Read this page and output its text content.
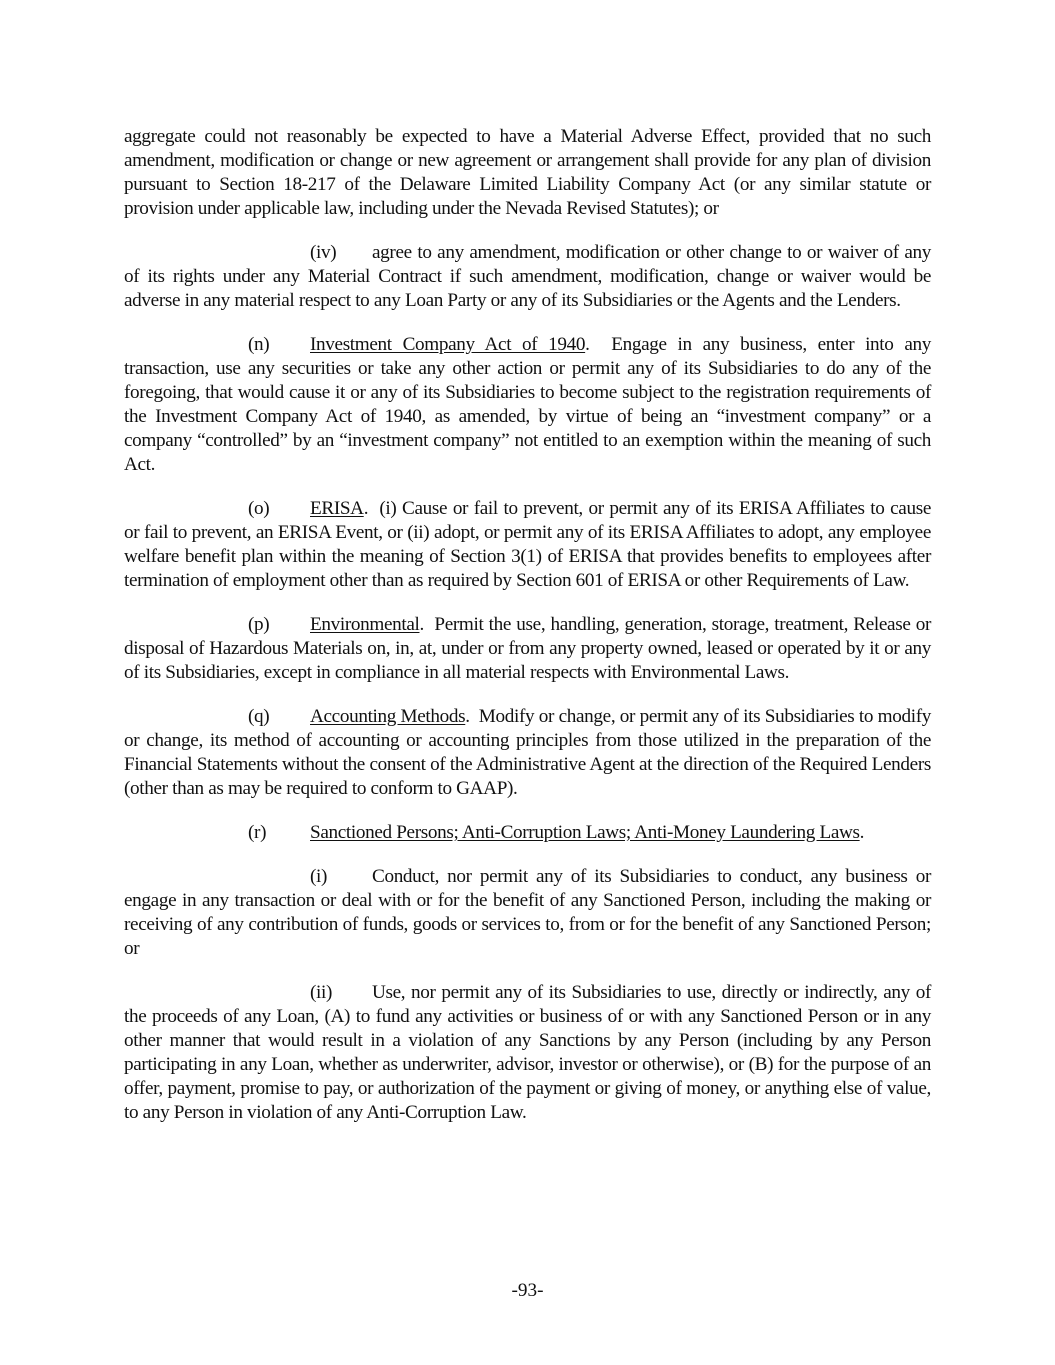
aggregate could not reasonably be expected to have a Material Adverse Effect, provided that no such amendment, modification or change or new agreement or arrangement shall provide for any plan of division pursuant to Section 18-217 of the Delaware Limited Liability Company Act (or any similar statute or provision under applicable law, including under the Nevada Revised Statutes); or

(iv) agree to any amendment, modification or other change to or waiver of any of its rights under any Material Contract if such amendment, modification, change or waiver would be adverse in any material respect to any Loan Party or any of its Subsidiaries or the Agents and the Lenders.

(n) Investment Company Act of 1940.  Engage in any business, enter into any transaction, use any securities or take any other action or permit any of its Subsidiaries to do any of the foregoing, that would cause it or any of its Subsidiaries to become subject to the registration requirements of the Investment Company Act of 1940, as amended, by virtue of being an “investment company” or a company “controlled” by an “investment company” not entitled to an exemption within the meaning of such Act.

(o) ERISA.  (i) Cause or fail to prevent, or permit any of its ERISA Affiliates to cause or fail to prevent, an ERISA Event, or (ii) adopt, or permit any of its ERISA Affiliates to adopt, any employee welfare benefit plan within the meaning of Section 3(1) of ERISA that provides benefits to employees after termination of employment other than as required by Section 601 of ERISA or other Requirements of Law.

(p) Environmental.  Permit the use, handling, generation, storage, treatment, Release or disposal of Hazardous Materials on, in, at, under or from any property owned, leased or operated by it or any of its Subsidiaries, except in compliance in all material respects with Environmental Laws.

(q) Accounting Methods.  Modify or change, or permit any of its Subsidiaries to modify or change, its method of accounting or accounting principles from those utilized in the preparation of the Financial Statements without the consent of the Administrative Agent at the direction of the Required Lenders (other than as may be required to conform to GAAP).

(r) Sanctioned Persons; Anti-Corruption Laws; Anti-Money Laundering Laws.

(i) Conduct, nor permit any of its Subsidiaries to conduct, any business or engage in any transaction or deal with or for the benefit of any Sanctioned Person, including the making or receiving of any contribution of funds, goods or services to, from or for the benefit of any Sanctioned Person; or

(ii) Use, nor permit any of its Subsidiaries to use, directly or indirectly, any of the proceeds of any Loan, (A) to fund any activities or business of or with any Sanctioned Person or in any other manner that would result in a violation of any Sanctions by any Person (including by any Person participating in any Loan, whether as underwriter, advisor, investor or otherwise), or (B) for the purpose of an offer, payment, promise to pay, or authorization of the payment or giving of money, or anything else of value, to any Person in violation of any Anti-Corruption Law.

-93-
